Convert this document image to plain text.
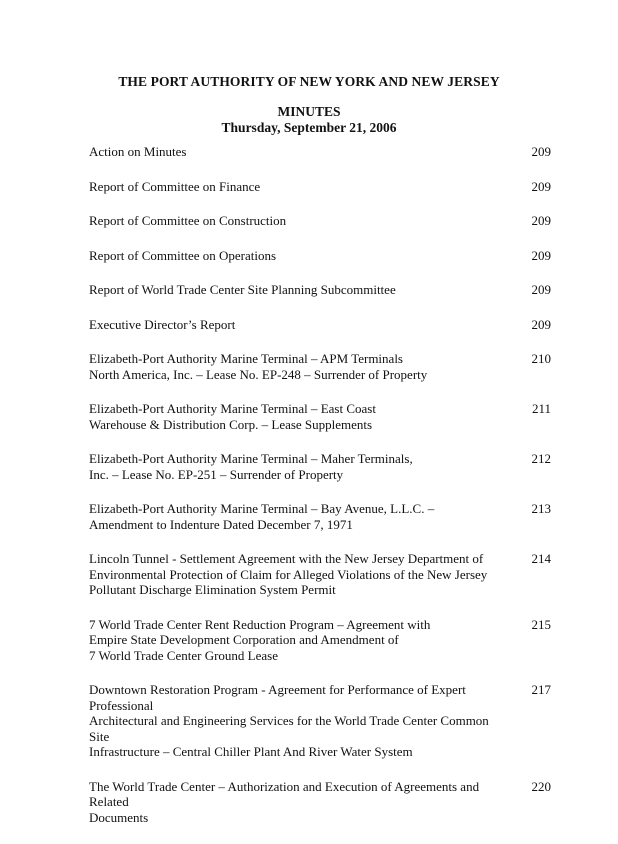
THE PORT AUTHORITY OF NEW YORK AND NEW JERSEY
MINUTES
Thursday, September 21, 2006
Action on Minutes	209
Report of Committee on Finance	209
Report of Committee on Construction	209
Report of Committee on Operations	209
Report of World Trade Center Site Planning Subcommittee	209
Executive Director’s Report	209
Elizabeth-Port Authority Marine Terminal – APM Terminals
North America, Inc. – Lease No. EP-248 – Surrender of Property
210
Elizabeth-Port Authority Marine Terminal – East Coast
Warehouse & Distribution Corp. – Lease Supplements
211
Elizabeth-Port Authority Marine Terminal – Maher Terminals,
Inc. – Lease No. EP-251 – Surrender of Property
212
Elizabeth-Port Authority Marine Terminal – Bay Avenue, L.L.C. –
Amendment to Indenture Dated December 7, 1971
213
Lincoln Tunnel - Settlement Agreement with the New Jersey Department of
Environmental Protection of Claim for Alleged Violations of the New Jersey
Pollutant Discharge Elimination System Permit
214
7 World Trade Center Rent Reduction Program – Agreement with
Empire State Development Corporation and Amendment of
7 World Trade Center Ground Lease
215
Downtown Restoration Program - Agreement for Performance of Expert Professional
Architectural and Engineering Services for the World Trade Center Common Site
Infrastructure – Central Chiller Plant And River Water System
217
The World Trade Center – Authorization and Execution of Agreements and Related
Documents
220
